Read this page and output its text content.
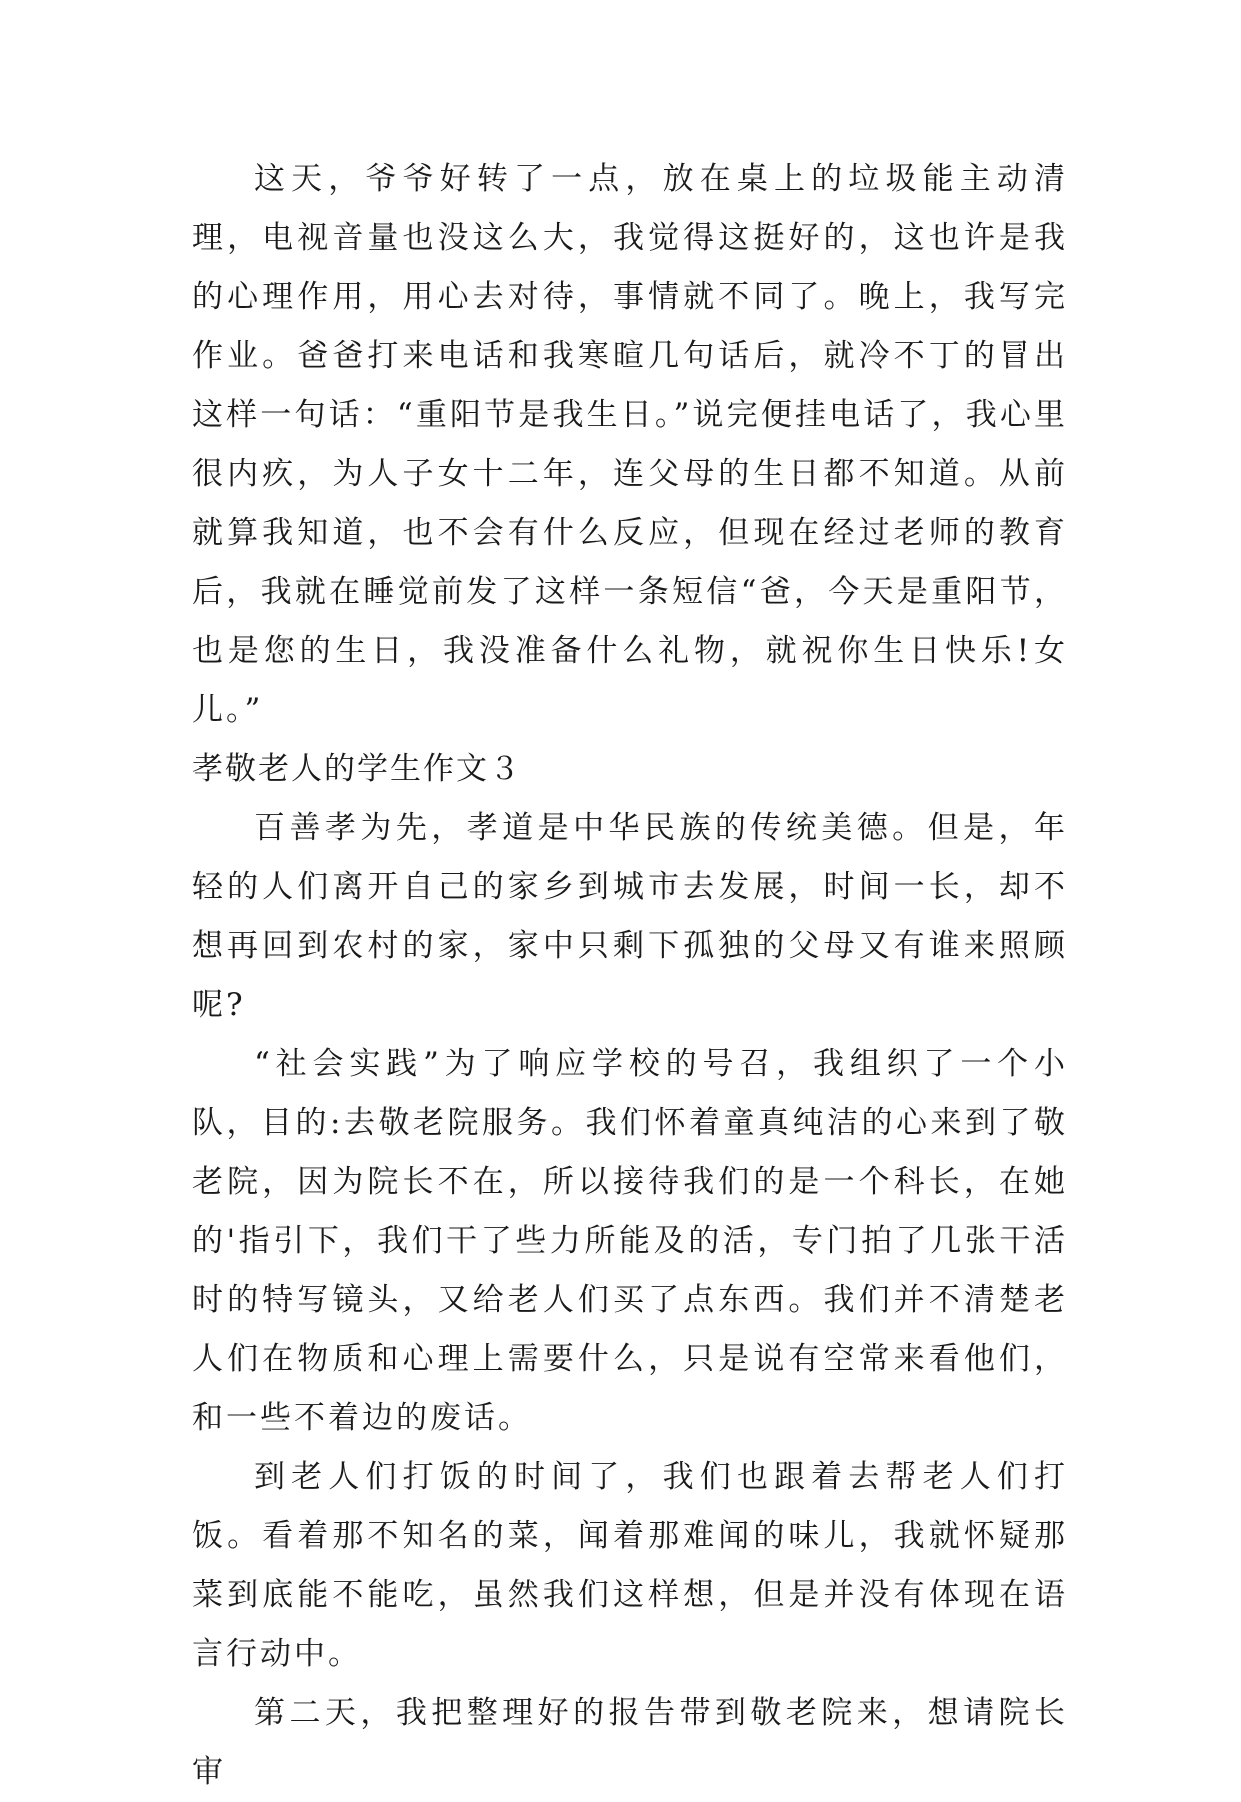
这天，爷爷好转了一点，放在桌上的垃圾能主动清理，电视音量也没这么大，我觉得这挺好的，这也许是我的心理作用，用心去对待，事情就不同了。晚上，我写完作业。爸爸打来电话和我寒暄几句话后，就冷不丁的冒出这样一句话：“重阳节是我生日。”说完便挂电话了，我心里很内疚，为人子女十二年，连父母的生日都不知道。从前就算我知道，也不会有什么反应，但现在经过老师的教育后，我就在睡觉前发了这样一条短信“爸，今天是重阳节，也是您的生日，我没准备什么礼物，就祝你生日快乐!女儿。”

孝敬老人的学生作文３

百善孝为先，孝道是中华民族的传统美德。但是，年轻的人们离开自己的家乡到城市去发展，时间一长，却不想再回到农村的家，家中只剩下孤独的父母又有谁来照顾呢?

“社会实践”为了响应学校的号召，我组织了一个小队，目的:去敬老院服务。我们怀着童真纯洁的心来到了敬老院，因为院长不在，所以接待我们的是一个科长，在她的'指引下，我们干了些力所能及的活，专门拍了几张干活时的特写镜头，又给老人们买了点东西。我们并不清楚老人们在物质和心理上需要什么，只是说有空常来看他们，和一些不着边的废话。

到老人们打饭的时间了，我们也跟着去帮老人们打饭。看着那不知名的菜，闻着那难闻的味儿，我就怀疑那菜到底能不能吃，虽然我们这样想，但是并没有体现在语言行动中。

第二天，我把整理好的报告带到敬老院来，想请院长审
